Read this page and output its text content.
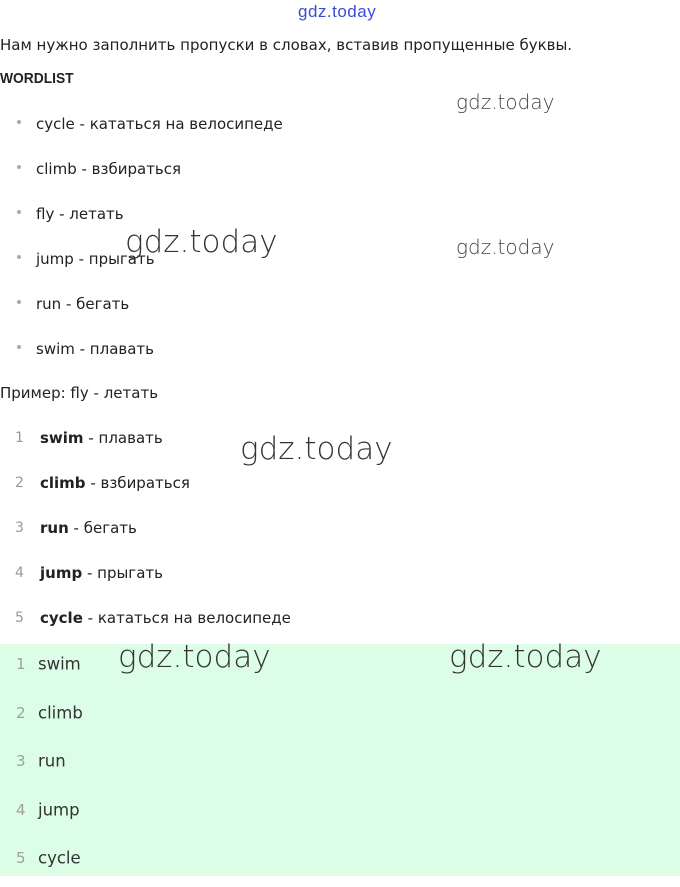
gdz.today
Нам нужно заполнить пропуски в словах, вставив пропущенные буквы.
WORDLIST
cycle - кататься на велосипеде
climb - взбираться
fly - летать
jump - прыгать
run - бегать
swim - плавать
Пример: fly - летать
1 swim - плавать
2 climb - взбираться
3 run - бегать
4 jump - прыгать
5 cycle - кататься на велосипеде
1 swim
2 climb
3 run
4 jump
5 cycle
gdz.today
gdz.today	gdz.today
gdz.today
gdz.today	gdz.today
